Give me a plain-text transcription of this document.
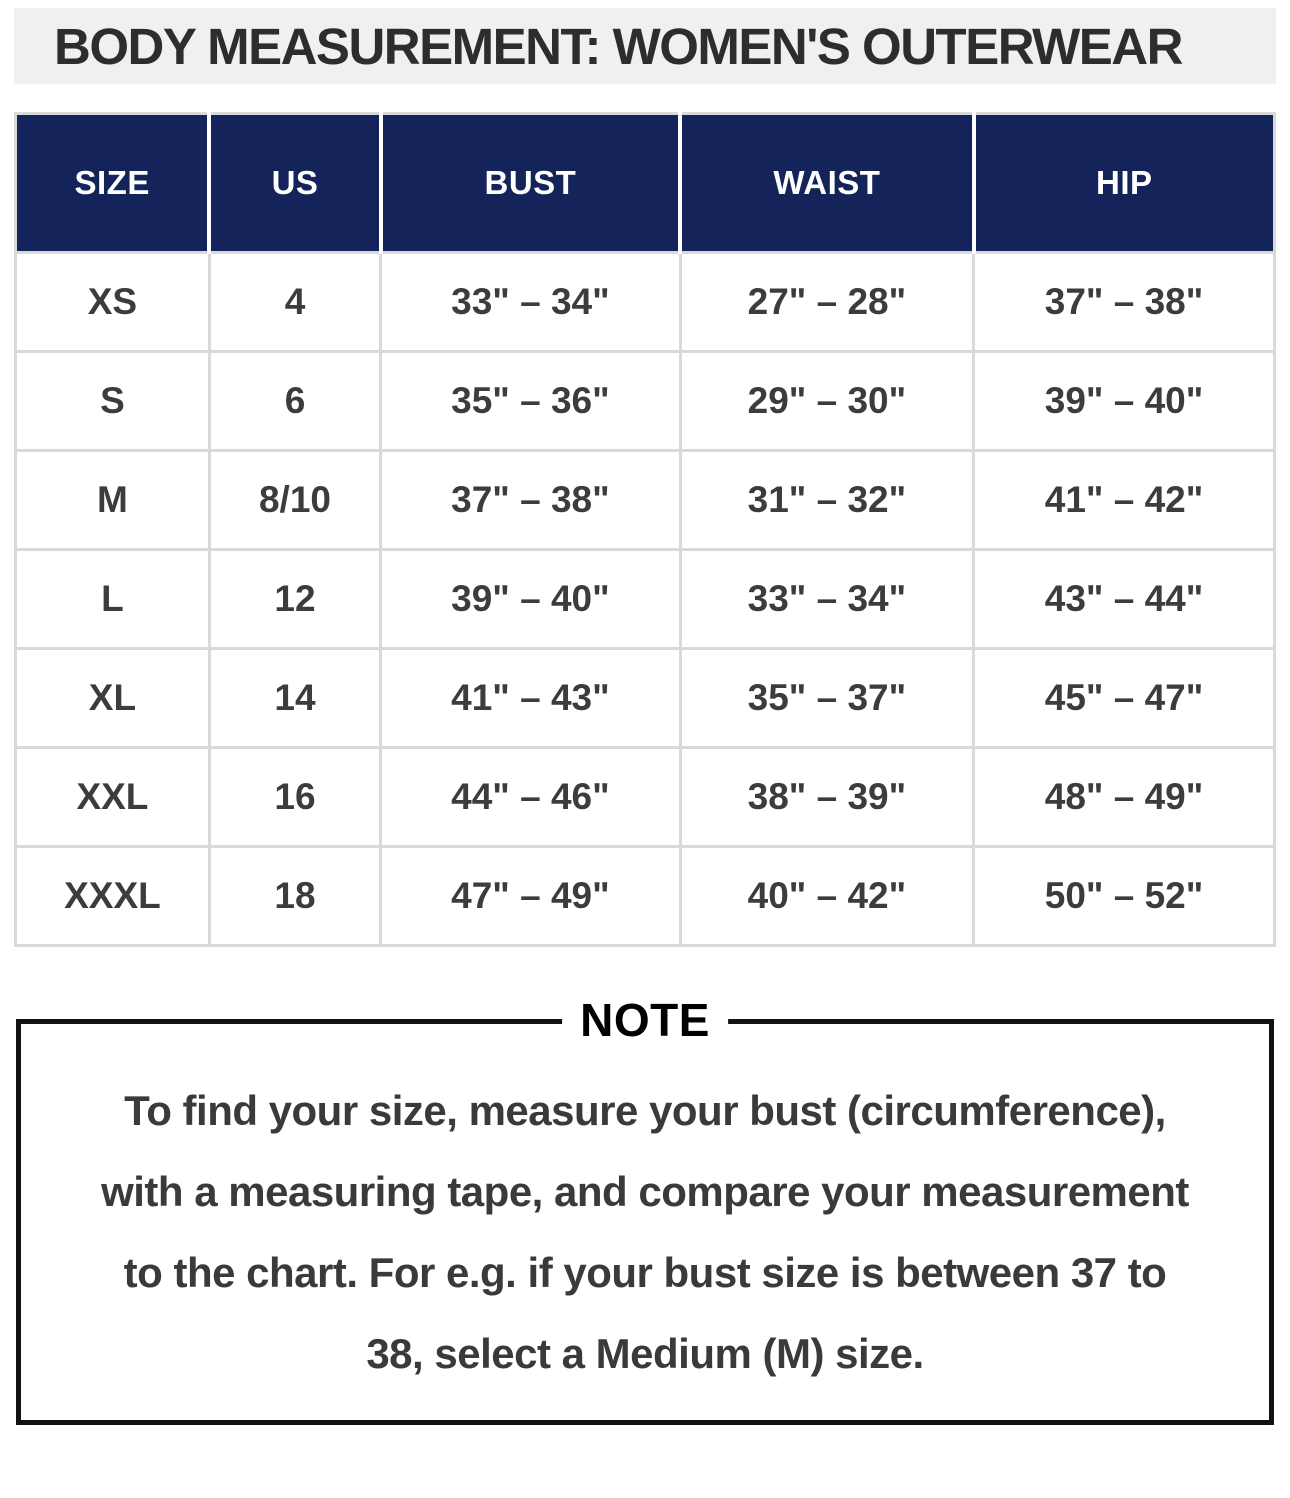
BODY MEASUREMENT: WOMEN'S OUTERWEAR
SIZE	US	BUST	WAIST	HIP
XS	4	33" – 34"	27" – 28"	37" – 38"
S	6	35" – 36"	29" – 30"	39" – 40"
M	8/10	37" – 38"	31" – 32"	41" – 42"
L	12	39" – 40"	33" – 34"	43" – 44"
XL	14	41" – 43"	35" – 37"	45" – 47"
XXL	16	44" – 46"	38" – 39"	48" – 49"
XXXL	18	47" – 49"	40" – 42"	50" – 52"
NOTE

To find your size, measure your bust (circumference), with a measuring tape, and compare your measurement to the chart. For e.g. if your bust size is between 37 to 38, select a Medium (M) size.
